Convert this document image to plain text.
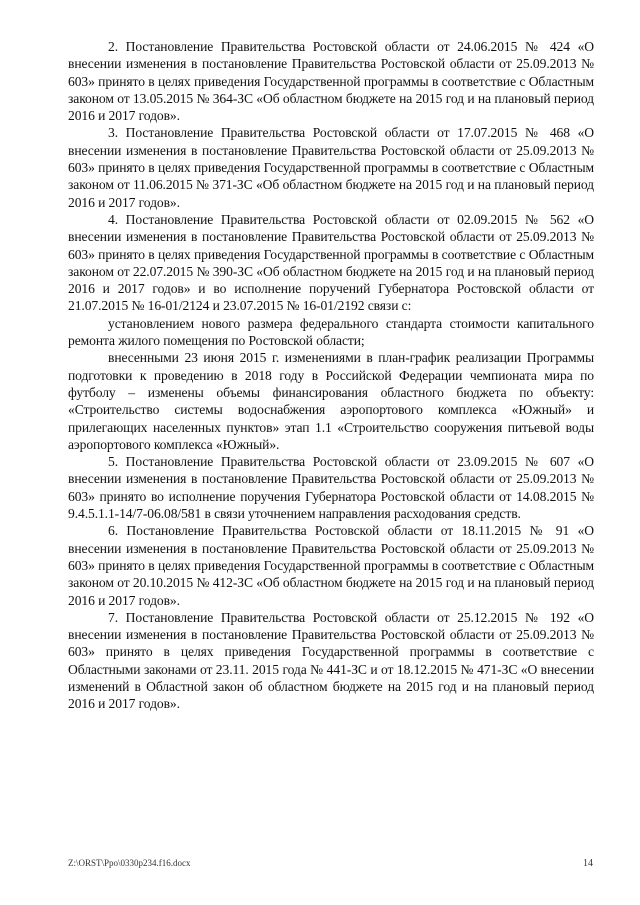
2. Постановление Правительства Ростовской области от 24.06.2015 № 424 «О внесении изменения в постановление Правительства Ростовской области от 25.09.2013 № 603» принято в целях приведения Государственной программы в соответствие с Областным законом от 13.05.2015 № 364-ЗС «Об областном бюджете на 2015 год и на плановый период 2016 и 2017 годов».

3. Постановление Правительства Ростовской области от 17.07.2015 № 468 «О внесении изменения в постановление Правительства Ростовской области от 25.09.2013 № 603» принято в целях приведения Государственной программы в соответствие с Областным законом от 11.06.2015 № 371-ЗС «Об областном бюджете на 2015 год и на плановый период 2016 и 2017 годов».

4. Постановление Правительства Ростовской области от 02.09.2015 № 562 «О внесении изменения в постановление Правительства Ростовской области от 25.09.2013 № 603» принято в целях приведения Государственной программы в соответствие с Областным законом от 22.07.2015 № 390-ЗС «Об областном бюджете на 2015 год и на плановый период 2016 и 2017 годов» и во исполнение поручений Губернатора Ростовской области от 21.07.2015 № 16-01/2124 и 23.07.2015 № 16-01/2192 связи с:

установлением нового размера федерального стандарта стоимости капитального ремонта жилого помещения по Ростовской области;

внесенными 23 июня 2015 г. изменениями в план-график реализации Программы подготовки к проведению в 2018 году в Российской Федерации чемпионата мира по футболу – изменены объемы финансирования областного бюджета по объекту: «Строительство системы водоснабжения аэропортового комплекса «Южный» и прилегающих населенных пунктов» этап 1.1 «Строительство сооружения питьевой воды аэропортового комплекса «Южный».

5. Постановление Правительства Ростовской области от 23.09.2015 № 607 «О внесении изменения в постановление Правительства Ростовской области от 25.09.2013 № 603» принято во исполнение поручения Губернатора Ростовской области от 14.08.2015 № 9.4.5.1.1-14/7-06.08/581 в связи уточнением направления расходования средств.

6. Постановление Правительства Ростовской области от 18.11.2015 № 91 «О внесении изменения в постановление Правительства Ростовской области от 25.09.2013 № 603» принято в целях приведения Государственной программы в соответствие с Областным законом от 20.10.2015 № 412-ЗС «Об областном бюджете на 2015 год и на плановый период 2016 и 2017 годов».

7. Постановление Правительства Ростовской области от 25.12.2015 № 192 «О внесении изменения в постановление Правительства Ростовской области от 25.09.2013 № 603» принято в целях приведения Государственной программы в соответствие с Областными законами от 23.11. 2015 года № 441-ЗС и от 18.12.2015 № 471-ЗС «О внесении изменений в Областной закон об областном бюджете на 2015 год и на плановый период 2016 и 2017 годов».

Z:\ORST\Ppo\0330p234.f16.docx	14
